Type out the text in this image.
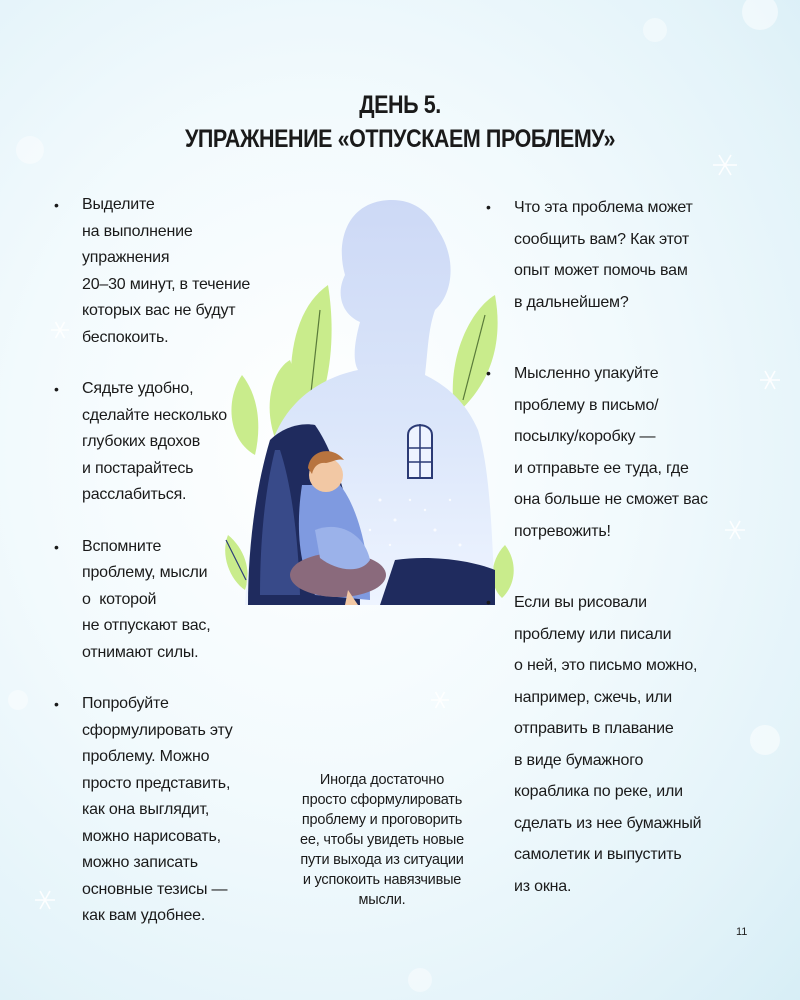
ДЕНЬ 5.
УПРАЖНЕНИЕ «ОТПУСКАЕМ ПРОБЛЕМУ»
• Выделите
на выполнение
упражнения
20–30 минут, в течение
которых вас не будут
беспокоить.
• Сядьте удобно,
сделайте несколько
глубоких вдохов
и постарайтесь
расслабиться.
• Вспомните
проблему, мысли
о  которой
не отпускают вас,
отнимают силы.
• Попробуйте
сформулировать эту
проблему. Можно
просто представить,
как она выглядит,
можно нарисовать,
можно записать
основные тезисы —
как вам удобнее.
• Что эта проблема может
сообщить вам? Как этот
опыт может помочь вам
в дальнейшем?
• Мысленно упакуйте
проблему в письмо/
посылку/коробку —
и отправьте ее туда, где
она больше не сможет вас
потревожить!
• Если вы рисовали
проблему или писали
о ней, это письмо можно,
например, сжечь, или
отправить в плавание
в виде бумажного
кораблика по реке, или
сделать из нее бумажный
самолетик и выпустить
из окна.
Иногда достаточно
просто сформулировать
проблему и проговорить
ее, чтобы увидеть новые
пути выхода из ситуации
и успокоить навязчивые
мысли.
11
